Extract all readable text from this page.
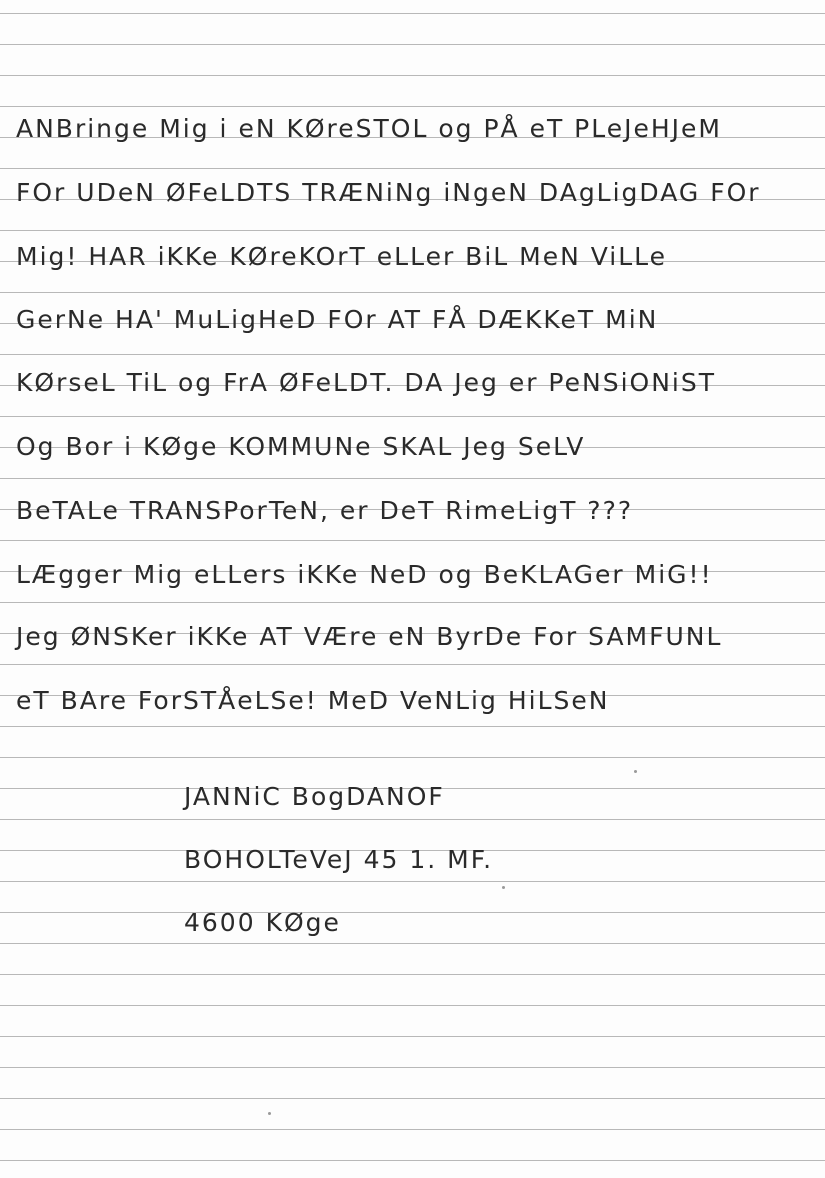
ANBringe Mig i eN KØreSTOL og PÅ eT PLeJeHJeM
FOr UDeN ØFeLDTS TRÆNiNg iNgeN DAgLigDAG FOr
Mig! HAR iKKe KØreKOrT eLLer BiL MeN ViLLe
GerNe HA' MuLigHeD FOr AT FÅ DÆKKeT MiN
KØrseL TiL og FrA ØFeLDT. DA Jeg er PeNSiONiST
Og Bor i KØge KOMMUNe SKAL Jeg SeLV
BeTALe TRANSPorTeN, er DeT RimeLigT ???
LÆgger Mig eLLers iKKe NeD og BeKLAGer MiG!!
Jeg ØNSKer iKKe AT VÆre eN ByrDe For SAMFUNL
eT BAre ForSTÅeLSe! MeD VeNLig HiLSeN
JANNiC BogDANOF
BOHOLTeVeJ 45 1. MF.
4600 KØge
